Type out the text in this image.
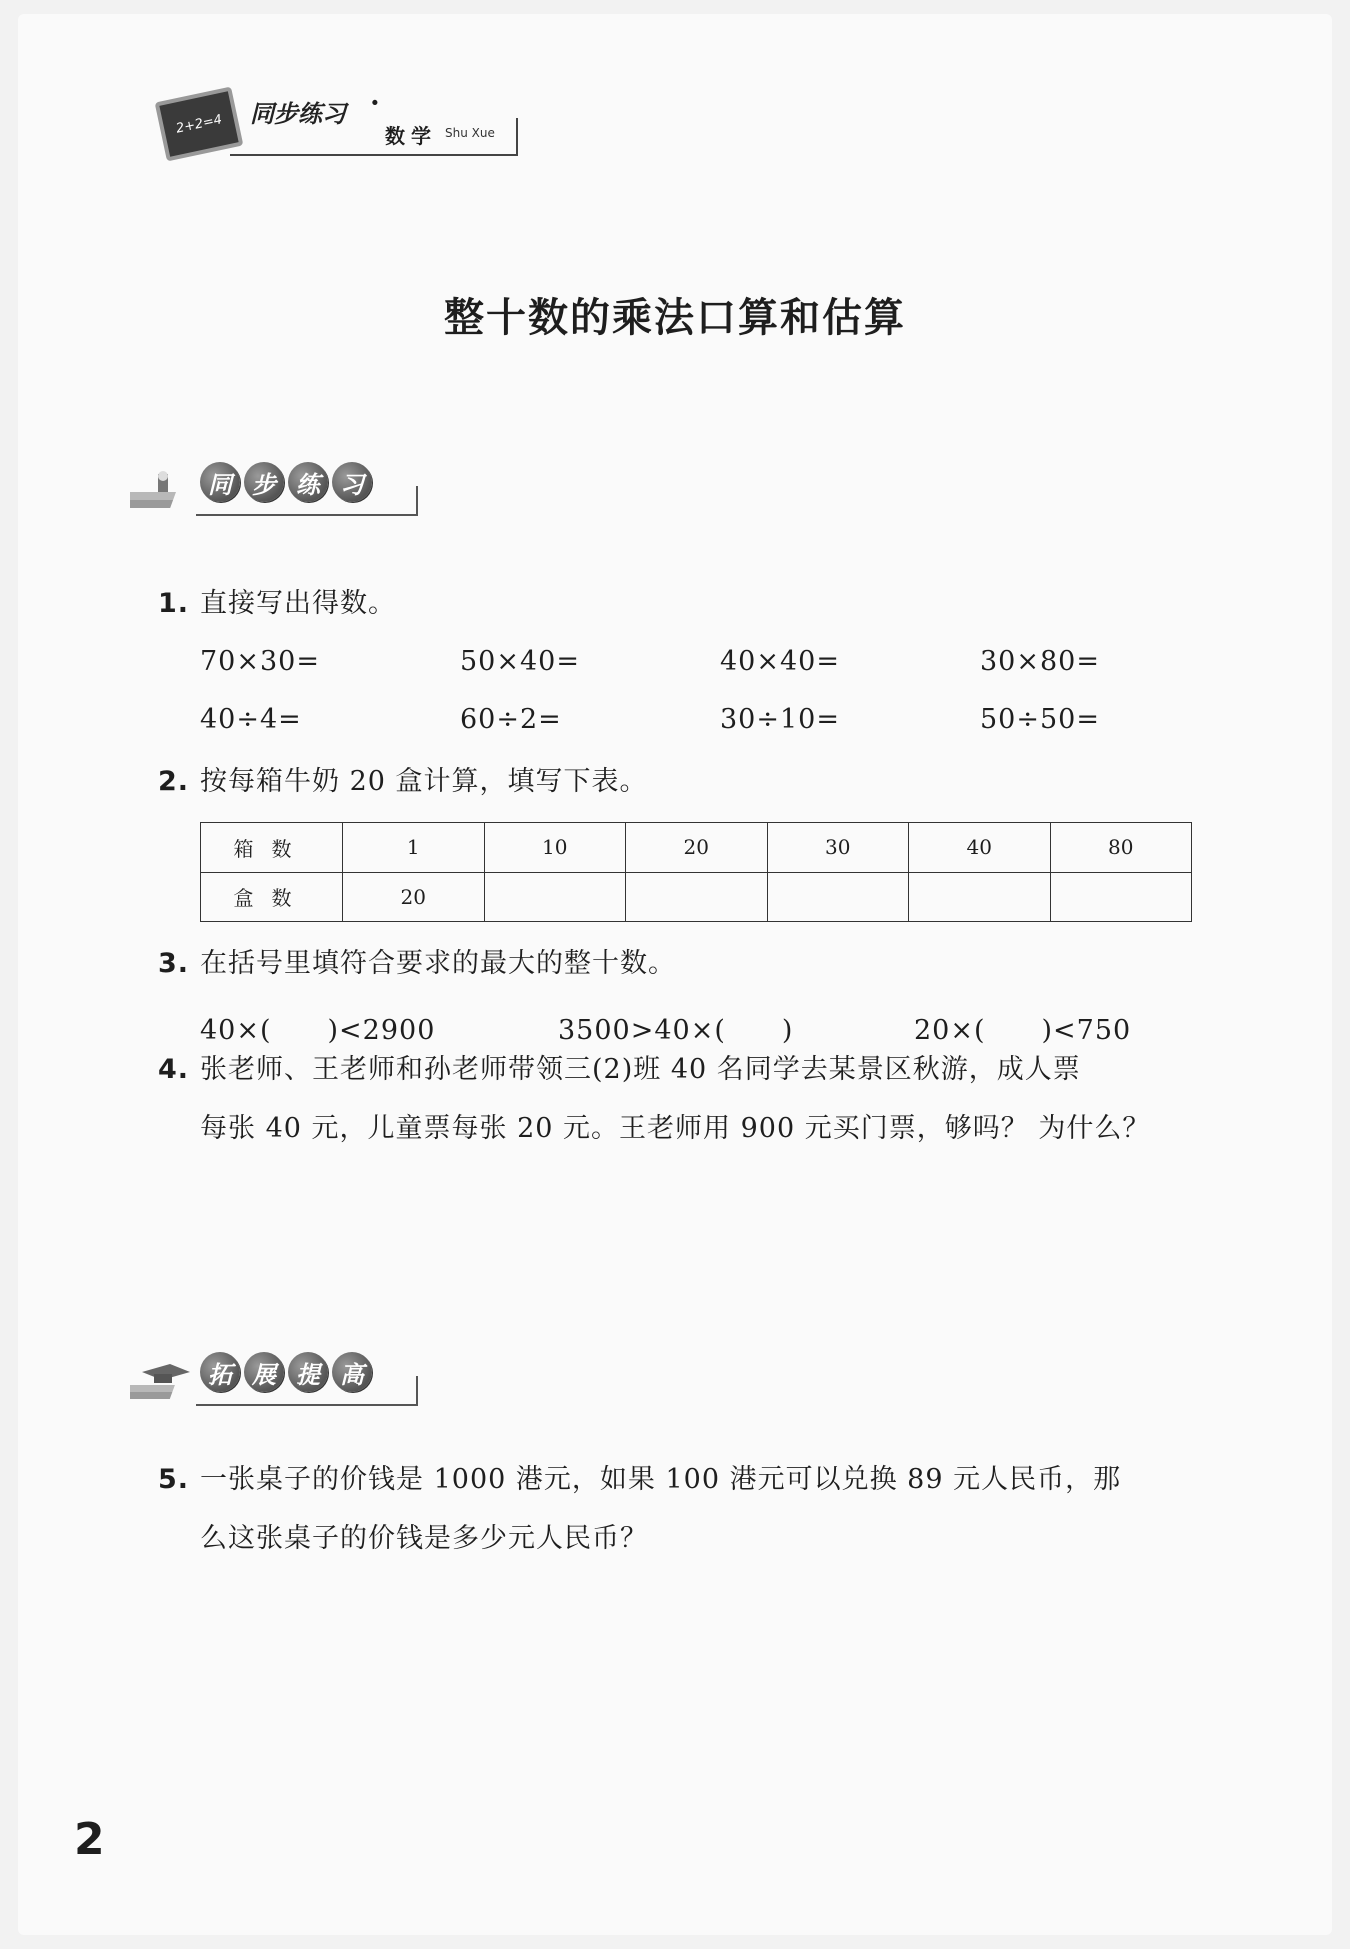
2+2=4 同步练习 ·
数学 Shu Xue
整十数的乘法口算和估算
同 步 练 习
1. 直接写出得数。
70×30=	50×40=	40×40=	30×80=
40÷4=	60÷2=	30÷10=	50÷50=
2. 按每箱牛奶 20 盒计算，填写下表。
箱数	1	10	20	30	40	80
盒数	20					
3. 在括号里填符合要求的最大的整十数。
40×(　　)<2900	3500>40×(　　)	20×(　　)<750
4. 张老师、王老师和孙老师带领三(2)班 40 名同学去某景区秋游，成人票
每张 40 元，儿童票每张 20 元。王老师用 900 元买门票，够吗？ 为什么？
拓 展 提 高
5. 一张桌子的价钱是 1000 港元，如果 100 港元可以兑换 89 元人民币，那
么这张桌子的价钱是多少元人民币？
2
